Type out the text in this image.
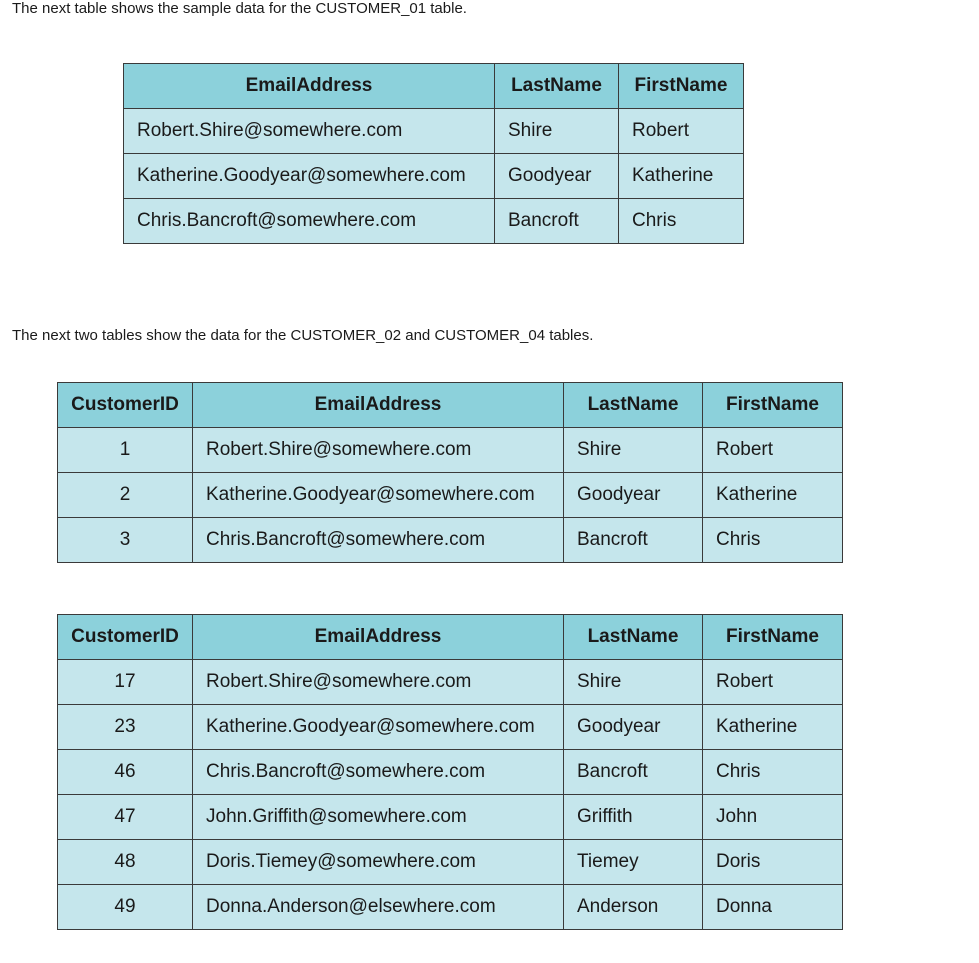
The next table shows the sample data for the CUSTOMER_01 table.

EmailAddress	LastName	FirstName
Robert.Shire@somewhere.com	Shire	Robert
Katherine.Goodyear@somewhere.com	Goodyear	Katherine
Chris.Bancroft@somewhere.com	Bancroft	Chris

The next two tables show the data for the CUSTOMER_02 and CUSTOMER_04 tables.

CustomerID	EmailAddress	LastName	FirstName
1	Robert.Shire@somewhere.com	Shire	Robert
2	Katherine.Goodyear@somewhere.com	Goodyear	Katherine
3	Chris.Bancroft@somewhere.com	Bancroft	Chris
CustomerID	EmailAddress	LastName	FirstName
17	Robert.Shire@somewhere.com	Shire	Robert
23	Katherine.Goodyear@somewhere.com	Goodyear	Katherine
46	Chris.Bancroft@somewhere.com	Bancroft	Chris
47	John.Griffith@somewhere.com	Griffith	John
48	Doris.Tiemey@somewhere.com	Tiemey	Doris
49	Donna.Anderson@elsewhere.com	Anderson	Donna
